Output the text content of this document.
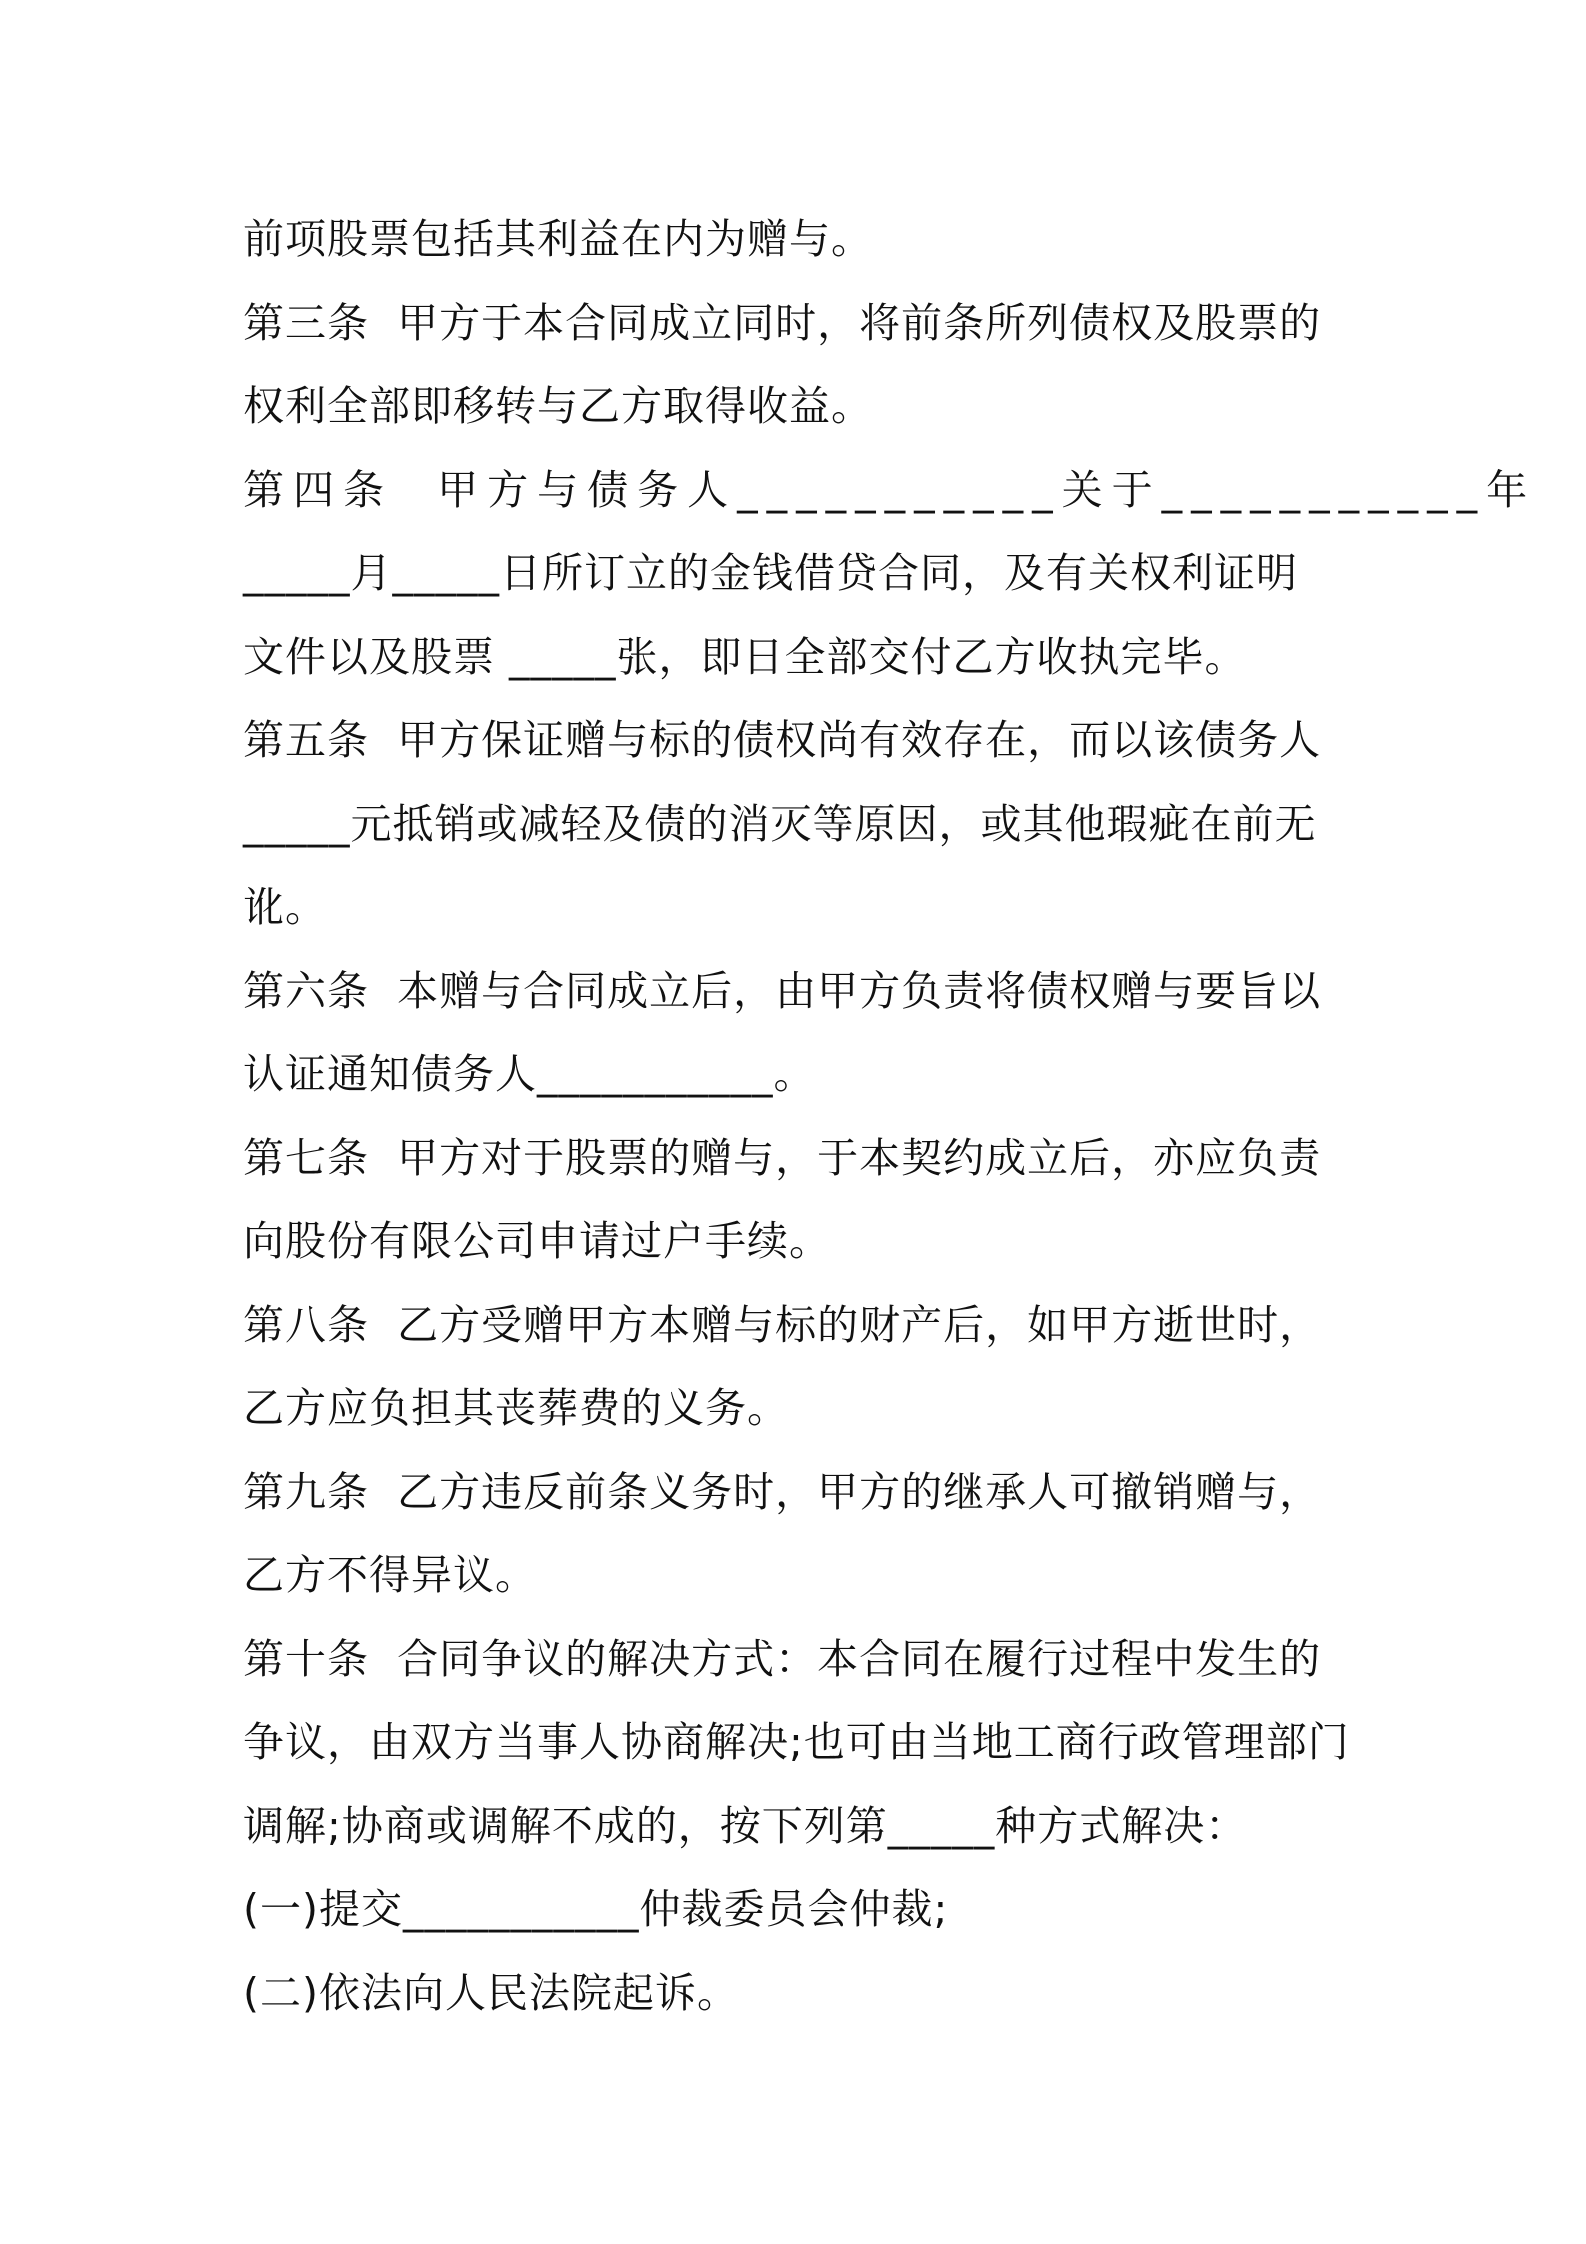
前项股票包括其利益在内为赠与。
第三条  甲方于本合同成立同时，将前条所列债权及股票的
权利全部即移转与乙方取得收益。
第四条  甲方与债务人___________关于___________年
_____月_____日所订立的金钱借贷合同，及有关权利证明
文件以及股票 _____张，即日全部交付乙方收执完毕。
第五条  甲方保证赠与标的债权尚有效存在，而以该债务人
_____元抵销或减轻及债的消灭等原因，或其他瑕疵在前无
讹。
第六条  本赠与合同成立后，由甲方负责将债权赠与要旨以
认证通知债务人___________。
第七条  甲方对于股票的赠与，于本契约成立后，亦应负责
向股份有限公司申请过户手续。
第八条  乙方受赠甲方本赠与标的财产后，如甲方逝世时，
乙方应负担其丧葬费的义务。
第九条  乙方违反前条义务时，甲方的继承人可撤销赠与，
乙方不得异议。
第十条  合同争议的解决方式：本合同在履行过程中发生的
争议，由双方当事人协商解决;也可由当地工商行政管理部门
调解;协商或调解不成的，按下列第_____种方式解决：
(一)提交___________仲裁委员会仲裁;
(二)依法向人民法院起诉。
